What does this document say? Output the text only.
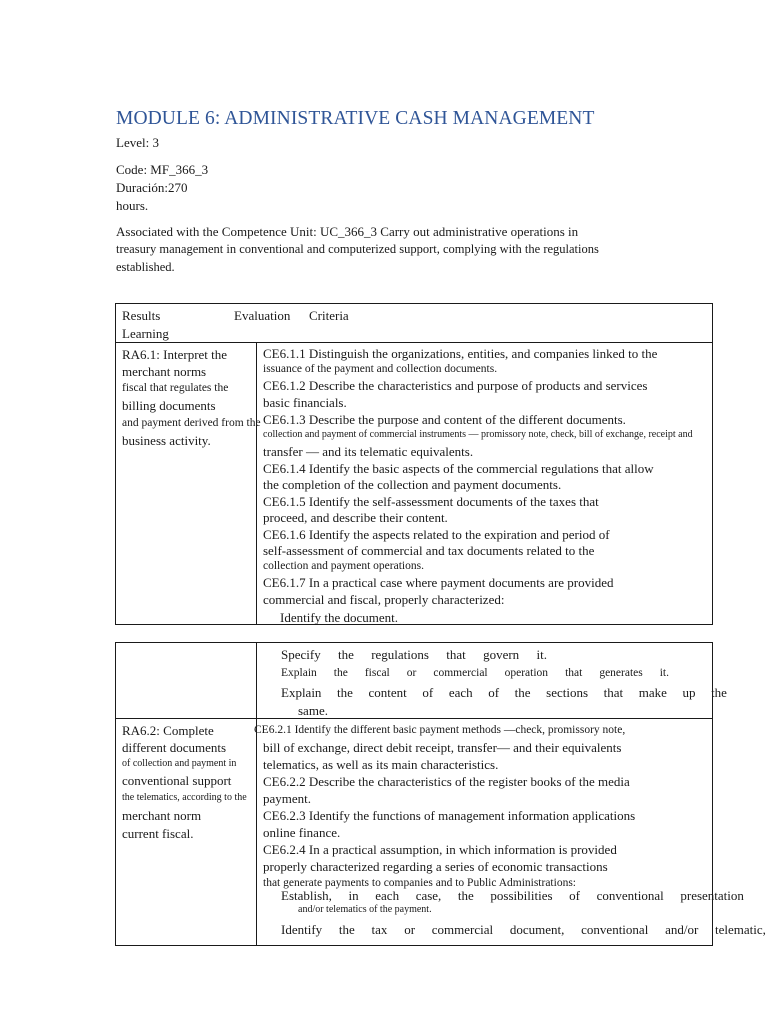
MODULE 6: ADMINISTRATIVE CASH MANAGEMENT
Level: 3
Code: MF_366_3
Duración:270
hours.
Associated with the Competence Unit: UC_366_3 Carry out administrative operations in
treasury management in conventional and computerized support, complying with the regulations
established.
Results	Evaluation Criteria
Learning
RA6.1: Interpret the
merchant norms
fiscal that regulates the
billing documents
and payment derived from the
business activity.
CE6.1.1 Distinguish the organizations, entities, and companies linked to the
issuance of the payment and collection documents.
CE6.1.2 Describe the characteristics and purpose of products and services
basic financials.
CE6.1.3 Describe the purpose and content of the different documents.
collection and payment of commercial instruments — promissory note, check, bill of exchange, receipt and
transfer — and its telematic equivalents.
CE6.1.4 Identify the basic aspects of the commercial regulations that allow
the completion of the collection and payment documents.
CE6.1.5 Identify the self-assessment documents of the taxes that
proceed, and describe their content.
CE6.1.6 Identify the aspects related to the expiration and period of
self-assessment of commercial and tax documents related to the
collection and payment operations.
CE6.1.7 In a practical case where payment documents are provided
commercial and fiscal, properly characterized:
Identify the document.
Specify the regulations that govern it.
Explain the fiscal or commercial operation that generates it.
Explain the content of each of the sections that make up the
same.
RA6.2: Complete
different documents
of collection and payment in
conventional support
the telematics, according to the
merchant norm
current fiscal.
CE6.2.1 Identify the different basic payment methods —check, promissory note,
bill of exchange, direct debit receipt, transfer— and their equivalents
telematics, as well as its main characteristics.
CE6.2.2 Describe the characteristics of the register books of the media
payment.
CE6.2.3 Identify the functions of management information applications
online finance.
CE6.2.4 In a practical assumption, in which information is provided
properly characterized regarding a series of economic transactions
that generate payments to companies and to Public Administrations:
Establish, in each case, the possibilities of conventional presentation
and/or telematics of the payment.
Identify the tax or commercial document, conventional and/or telematic,
